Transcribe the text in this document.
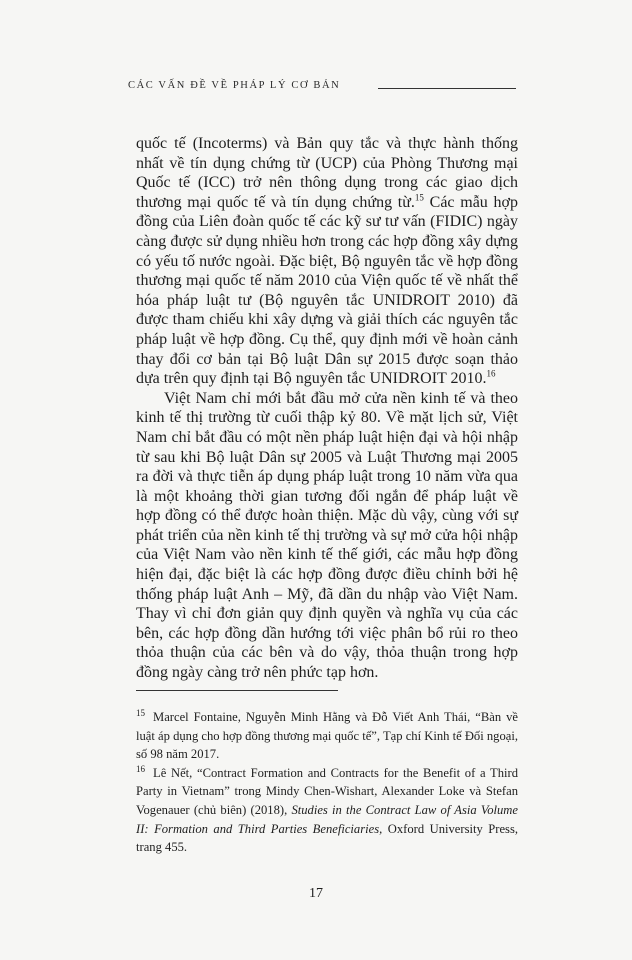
CÁC VẤN ĐỀ VỀ PHÁP LÝ CƠ BẢN

quốc tế (Incoterms) và Bản quy tắc và thực hành thống nhất về tín dụng chứng từ (UCP) của Phòng Thương mại Quốc tế (ICC) trở nên thông dụng trong các giao dịch thương mại quốc tế và tín dụng chứng từ.$^{15}$ Các mẫu hợp đồng của Liên đoàn quốc tế các kỹ sư tư vấn (FIDIC) ngày càng được sử dụng nhiều hơn trong các hợp đồng xây dựng có yếu tố nước ngoài. Đặc biệt, Bộ nguyên tắc về hợp đồng thương mại quốc tế năm 2010 của Viện quốc tế về nhất thể hóa pháp luật tư (Bộ nguyên tắc UNIDROIT 2010) đã được tham chiếu khi xây dựng và giải thích các nguyên tắc pháp luật về hợp đồng. Cụ thể, quy định mới về hoàn cảnh thay đổi cơ bản tại Bộ luật Dân sự 2015 được soạn thảo dựa trên quy định tại Bộ nguyên tắc UNIDROIT 2010.16

Việt Nam chỉ mới bắt đầu mở cửa nền kinh tế và theo kinh tế thị trường từ cuối thập kỷ 80. Về mặt lịch sử, Việt Nam chỉ bắt đầu có một nền pháp luật hiện đại và hội nhập từ sau khi Bộ luật Dân sự 2005 và Luật Thương mại 2005 ra đời và thực tiễn áp dụng pháp luật trong 10 năm vừa qua là một khoảng thời gian tương đối ngắn để pháp luật về hợp đồng có thể được hoàn thiện. Mặc dù vậy, cùng với sự phát triển của nền kinh tế thị trường và sự mở cửa hội nhập của Việt Nam vào nền kinh tế thế giới, các mẫu hợp đồng hiện đại, đặc biệt là các hợp đồng được điều chỉnh bởi hệ thống pháp luật Anh – Mỹ, đã dần du nhập vào Việt Nam. Thay vì chỉ đơn giản quy định quyền và nghĩa vụ của các bên, các hợp đồng dần hướng tới việc phân bổ rủi ro theo thỏa thuận của các bên và do vậy, thỏa thuận trong hợp đồng ngày càng trở nên phức tạp hơn.

$^{15}$ Marcel Fontaine, Nguyễn Minh Hằng và Đỗ Viết Anh Thái, “Bàn về luật áp dụng cho hợp đồng thương mại quốc tế”, Tạp chí Kinh tế Đối ngoại, số 98 năm 2017.

$^{16}$ Lê Nết, “Contract Formation and Contracts for the Benefit of a Third Party in Vietnam” trong Mindy Chen-Wishart, Alexander Loke và Stefan Vogenauer (chủ biên) (2018), Studies in the Contract Law of Asia Volume II: Formation and Third Parties Beneficiaries, Oxford University Press, trang 455.

17
